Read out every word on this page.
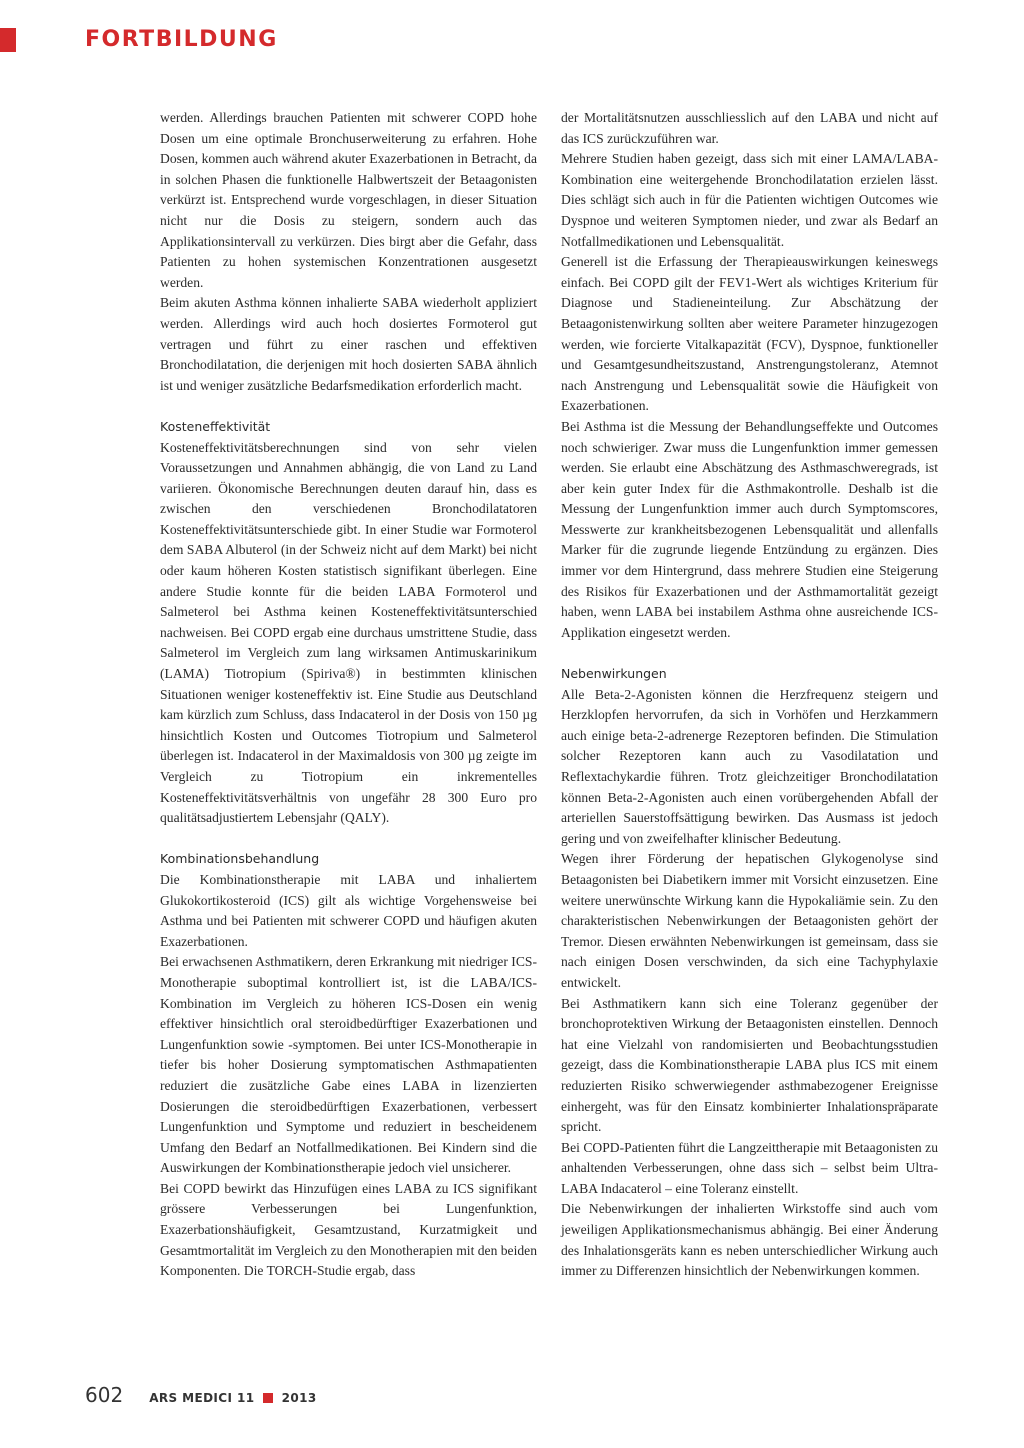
FORTBILDUNG

werden. Allerdings brauchen Patienten mit schwerer COPD hohe Dosen um eine optimale Bronchuserweiterung zu erfahren. Hohe Dosen, kommen auch während akuter Exazerbationen in Betracht, da in solchen Phasen die funktionelle Halbwertszeit der Betaagonisten verkürzt ist. Entsprechend wurde vorgeschlagen, in dieser Situation nicht nur die Dosis zu steigern, sondern auch das Applikationsintervall zu verkürzen. Dies birgt aber die Gefahr, dass Patienten zu hohen systemischen Konzentrationen ausgesetzt werden.

Beim akuten Asthma können inhalierte SABA wiederholt appliziert werden. Allerdings wird auch hoch dosiertes Formoterol gut vertragen und führt zu einer raschen und effektiven Bronchodilatation, die derjenigen mit hoch dosierten SABA ähnlich ist und weniger zusätzliche Bedarfsmedikation erforderlich macht.

Kosteneffektivität

Kosteneffektivitätsberechnungen sind von sehr vielen Voraussetzungen und Annahmen abhängig, die von Land zu Land variieren. Ökonomische Berechnungen deuten darauf hin, dass es zwischen den verschiedenen Bronchodilatatoren Kosteneffektivitätsunterschiede gibt. In einer Studie war Formoterol dem SABA Albuterol (in der Schweiz nicht auf dem Markt) bei nicht oder kaum höheren Kosten statistisch signifikant überlegen. Eine andere Studie konnte für die beiden LABA Formoterol und Salmeterol bei Asthma keinen Kosteneffektivitätsunterschied nachweisen. Bei COPD ergab eine durchaus umstrittene Studie, dass Salmeterol im Vergleich zum lang wirksamen Antimuskarinikum (LAMA) Tiotropium (Spiriva®) in bestimmten klinischen Situationen weniger kosteneffektiv ist. Eine Studie aus Deutschland kam kürzlich zum Schluss, dass Indacaterol in der Dosis von 150 µg hinsichtlich Kosten und Outcomes Tiotropium und Salmeterol überlegen ist. Indacaterol in der Maximaldosis von 300 µg zeigte im Vergleich zu Tiotropium ein inkrementelles Kosteneffektivitätsverhältnis von ungefähr 28 300 Euro pro qualitätsadjustiertem Lebensjahr (QALY).

Kombinationsbehandlung

Die Kombinationstherapie mit LABA und inhaliertem Glukokortikosteroid (ICS) gilt als wichtige Vorgehensweise bei Asthma und bei Patienten mit schwerer COPD und häufigen akuten Exazerbationen.

Bei erwachsenen Asthmatikern, deren Erkrankung mit niedriger ICS-Monotherapie suboptimal kontrolliert ist, ist die LABA/ICS-Kombination im Vergleich zu höheren ICS-Dosen ein wenig effektiver hinsichtlich oral steroidbedürftiger Exazerbationen und Lungenfunktion sowie -symptomen. Bei unter ICS-Monotherapie in tiefer bis hoher Dosierung symptomatischen Asthmapatienten reduziert die zusätzliche Gabe eines LABA in lizenzierten Dosierungen die steroidbedürftigen Exazerbationen, verbessert Lungenfunktion und Symptome und reduziert in bescheidenem Umfang den Bedarf an Notfallmedikationen. Bei Kindern sind die Auswirkungen der Kombinationstherapie jedoch viel unsicherer.

Bei COPD bewirkt das Hinzufügen eines LABA zu ICS signifikant grössere Verbesserungen bei Lungenfunktion, Exazerbationshäufigkeit, Gesamtzustand, Kurzatmigkeit und Gesamtmortalität im Vergleich zu den Monotherapien mit den beiden Komponenten. Die TORCH-Studie ergab, dass

der Mortalitätsnutzen ausschliesslich auf den LABA und nicht auf das ICS zurückzuführen war.

Mehrere Studien haben gezeigt, dass sich mit einer LAMA/LABA-Kombination eine weitergehende Bronchodilatation erzielen lässt. Dies schlägt sich auch in für die Patienten wichtigen Outcomes wie Dyspnoe und weiteren Symptomen nieder, und zwar als Bedarf an Notfallmedikationen und Lebensqualität.

Generell ist die Erfassung der Therapieauswirkungen keineswegs einfach. Bei COPD gilt der FEV1-Wert als wichtiges Kriterium für Diagnose und Stadieneinteilung. Zur Abschätzung der Betaagonistenwirkung sollten aber weitere Parameter hinzugezogen werden, wie forcierte Vitalkapazität (FCV), Dyspnoe, funktioneller und Gesamtgesundheitszustand, Anstrengungstoleranz, Atemnot nach Anstrengung und Lebensqualität sowie die Häufigkeit von Exazerbationen.

Bei Asthma ist die Messung der Behandlungseffekte und Outcomes noch schwieriger. Zwar muss die Lungenfunktion immer gemessen werden. Sie erlaubt eine Abschätzung des Asthmaschweregrads, ist aber kein guter Index für die Asthmakontrolle. Deshalb ist die Messung der Lungenfunktion immer auch durch Symptomscores, Messwerte zur krankheitsbezogenen Lebensqualität und allenfalls Marker für die zugrunde liegende Entzündung zu ergänzen. Dies immer vor dem Hintergrund, dass mehrere Studien eine Steigerung des Risikos für Exazerbationen und der Asthmamortalität gezeigt haben, wenn LABA bei instabilem Asthma ohne ausreichende ICS-Applikation eingesetzt werden.

Nebenwirkungen

Alle Beta-2-Agonisten können die Herzfrequenz steigern und Herzklopfen hervorrufen, da sich in Vorhöfen und Herzkammern auch einige beta-2-adrenerge Rezeptoren befinden. Die Stimulation solcher Rezeptoren kann auch zu Vasodilatation und Reflextachykardie führen. Trotz gleichzeitiger Bronchodilatation können Beta-2-Agonisten auch einen vorübergehenden Abfall der arteriellen Sauerstoffsättigung bewirken. Das Ausmass ist jedoch gering und von zweifelhafter klinischer Bedeutung.

Wegen ihrer Förderung der hepatischen Glykogenolyse sind Betaagonisten bei Diabetikern immer mit Vorsicht einzusetzen. Eine weitere unerwünschte Wirkung kann die Hypokaliämie sein. Zu den charakteristischen Nebenwirkungen der Betaagonisten gehört der Tremor. Diesen erwähnten Nebenwirkungen ist gemeinsam, dass sie nach einigen Dosen verschwinden, da sich eine Tachyphylaxie entwickelt.

Bei Asthmatikern kann sich eine Toleranz gegenüber der bronchoprotektiven Wirkung der Betaagonisten einstellen. Dennoch hat eine Vielzahl von randomisierten und Beobachtungsstudien gezeigt, dass die Kombinationstherapie LABA plus ICS mit einem reduzierten Risiko schwerwiegender asthmabezogener Ereignisse einhergeht, was für den Einsatz kombinierter Inhalationspräparate spricht.

Bei COPD-Patienten führt die Langzeittherapie mit Betaagonisten zu anhaltenden Verbesserungen, ohne dass sich – selbst beim Ultra-LABA Indacaterol – eine Toleranz einstellt.

Die Nebenwirkungen der inhalierten Wirkstoffe sind auch vom jeweiligen Applikationsmechanismus abhängig. Bei einer Änderung des Inhalationsgeräts kann es neben unterschiedlicher Wirkung auch immer zu Differenzen hinsichtlich der Nebenwirkungen kommen.

602 ARS MEDICI 11 2013
